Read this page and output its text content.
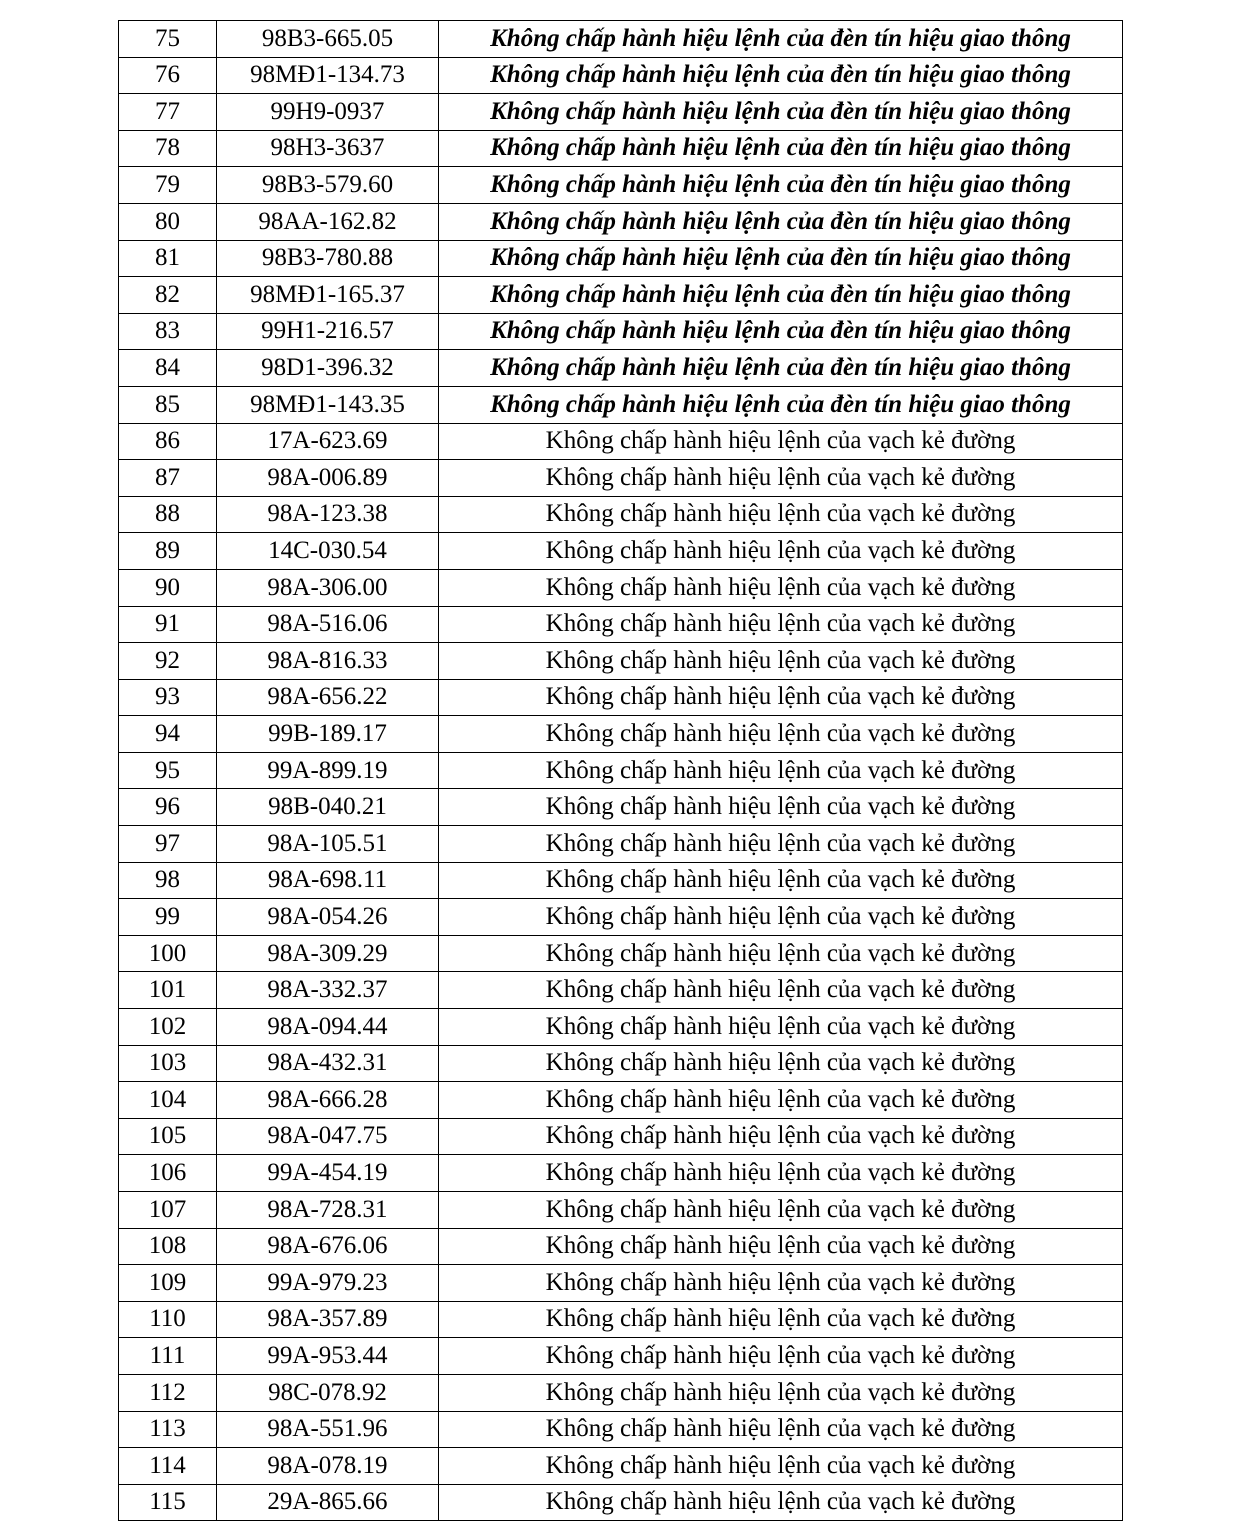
75	98B3-665.05	Không chấp hành hiệu lệnh của đèn tín hiệu giao thông
76	98MĐ1-134.73	Không chấp hành hiệu lệnh của đèn tín hiệu giao thông
77	99H9-0937	Không chấp hành hiệu lệnh của đèn tín hiệu giao thông
78	98H3-3637	Không chấp hành hiệu lệnh của đèn tín hiệu giao thông
79	98B3-579.60	Không chấp hành hiệu lệnh của đèn tín hiệu giao thông
80	98AA-162.82	Không chấp hành hiệu lệnh của đèn tín hiệu giao thông
81	98B3-780.88	Không chấp hành hiệu lệnh của đèn tín hiệu giao thông
82	98MĐ1-165.37	Không chấp hành hiệu lệnh của đèn tín hiệu giao thông
83	99H1-216.57	Không chấp hành hiệu lệnh của đèn tín hiệu giao thông
84	98D1-396.32	Không chấp hành hiệu lệnh của đèn tín hiệu giao thông
85	98MĐ1-143.35	Không chấp hành hiệu lệnh của đèn tín hiệu giao thông
86	17A-623.69	Không chấp hành hiệu lệnh của vạch kẻ đường
87	98A-006.89	Không chấp hành hiệu lệnh của vạch kẻ đường
88	98A-123.38	Không chấp hành hiệu lệnh của vạch kẻ đường
89	14C-030.54	Không chấp hành hiệu lệnh của vạch kẻ đường
90	98A-306.00	Không chấp hành hiệu lệnh của vạch kẻ đường
91	98A-516.06	Không chấp hành hiệu lệnh của vạch kẻ đường
92	98A-816.33	Không chấp hành hiệu lệnh của vạch kẻ đường
93	98A-656.22	Không chấp hành hiệu lệnh của vạch kẻ đường
94	99B-189.17	Không chấp hành hiệu lệnh của vạch kẻ đường
95	99A-899.19	Không chấp hành hiệu lệnh của vạch kẻ đường
96	98B-040.21	Không chấp hành hiệu lệnh của vạch kẻ đường
97	98A-105.51	Không chấp hành hiệu lệnh của vạch kẻ đường
98	98A-698.11	Không chấp hành hiệu lệnh của vạch kẻ đường
99	98A-054.26	Không chấp hành hiệu lệnh của vạch kẻ đường
100	98A-309.29	Không chấp hành hiệu lệnh của vạch kẻ đường
101	98A-332.37	Không chấp hành hiệu lệnh của vạch kẻ đường
102	98A-094.44	Không chấp hành hiệu lệnh của vạch kẻ đường
103	98A-432.31	Không chấp hành hiệu lệnh của vạch kẻ đường
104	98A-666.28	Không chấp hành hiệu lệnh của vạch kẻ đường
105	98A-047.75	Không chấp hành hiệu lệnh của vạch kẻ đường
106	99A-454.19	Không chấp hành hiệu lệnh của vạch kẻ đường
107	98A-728.31	Không chấp hành hiệu lệnh của vạch kẻ đường
108	98A-676.06	Không chấp hành hiệu lệnh của vạch kẻ đường
109	99A-979.23	Không chấp hành hiệu lệnh của vạch kẻ đường
110	98A-357.89	Không chấp hành hiệu lệnh của vạch kẻ đường
111	99A-953.44	Không chấp hành hiệu lệnh của vạch kẻ đường
112	98C-078.92	Không chấp hành hiệu lệnh của vạch kẻ đường
113	98A-551.96	Không chấp hành hiệu lệnh của vạch kẻ đường
114	98A-078.19	Không chấp hành hiệu lệnh của vạch kẻ đường
115	29A-865.66	Không chấp hành hiệu lệnh của vạch kẻ đường
